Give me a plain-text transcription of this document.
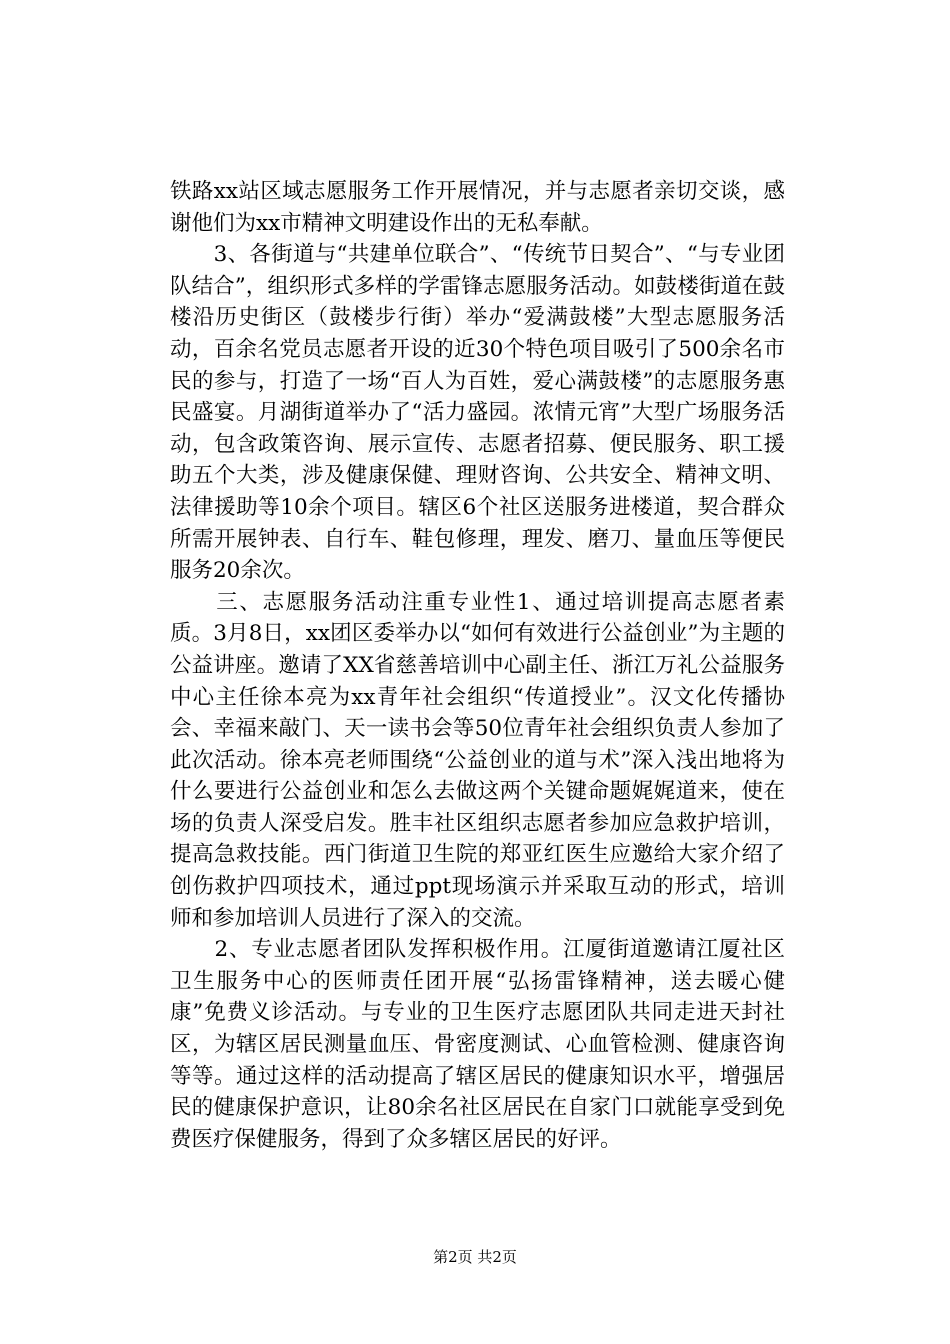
铁路xx站区域志愿服务工作开展情况，并与志愿者亲切交谈，感谢他们为xx市精神文明建设作出的无私奉献。

　　3、各街道与“共建单位联合”、“传统节日契合”、“与专业团队结合”，组织形式多样的学雷锋志愿服务活动。如鼓楼街道在鼓楼沿历史街区（鼓楼步行街）举办“爱满鼓楼”大型志愿服务活动，百余名党员志愿者开设的近30个特色项目吸引了500余名市民的参与，打造了一场“百人为百姓，爱心满鼓楼”的志愿服务惠民盛宴。月湖街道举办了“活力盛园。浓情元宵”大型广场服务活动，包含政策咨询、展示宣传、志愿者招募、便民服务、职工援助五个大类，涉及健康保健、理财咨询、公共安全、精神文明、法律援助等10余个项目。辖区6个社区送服务进楼道，契合群众所需开展钟表、自行车、鞋包修理，理发、磨刀、量血压等便民服务20余次。

　　三、志愿服务活动注重专业性1、通过培训提高志愿者素质。3月8日，xx团区委举办以“如何有效进行公益创业”为主题的公益讲座。邀请了XX省慈善培训中心副主任、浙江万礼公益服务中心主任徐本亮为xx青年社会组织“传道授业”。汉文化传播协会、幸福来敲门、天一读书会等50位青年社会组织负责人参加了此次活动。徐本亮老师围绕“公益创业的道与术”深入浅出地将为什么要进行公益创业和怎么去做这两个关键命题娓娓道来，使在场的负责人深受启发。胜丰社区组织志愿者参加应急救护培训，提高急救技能。西门街道卫生院的郑亚红医生应邀给大家介绍了创伤救护四项技术，通过ppt现场演示并采取互动的形式，培训师和参加培训人员进行了深入的交流。

　　2、专业志愿者团队发挥积极作用。江厦街道邀请江厦社区卫生服务中心的医师责任团开展“弘扬雷锋精神，送去暖心健康”免费义诊活动。与专业的卫生医疗志愿团队共同走进天封社区，为辖区居民测量血压、骨密度测试、心血管检测、健康咨询等等。通过这样的活动提高了辖区居民的健康知识水平，增强居民的健康保护意识，让80余名社区居民在自家门口就能享受到免费医疗保健服务，得到了众多辖区居民的好评。

第2页 共2页
